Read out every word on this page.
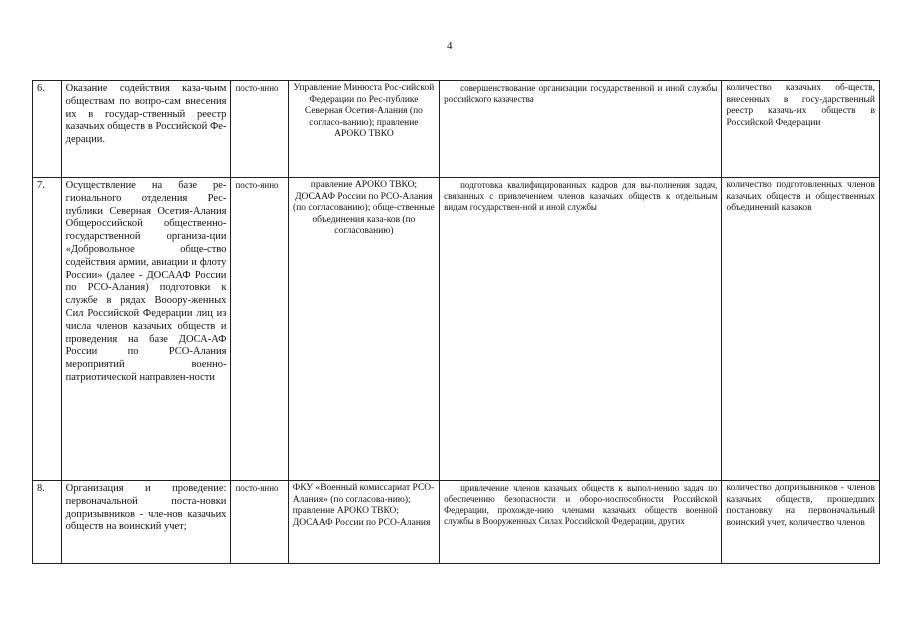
4
6.	Оказание содействия каза-чьим обществам по вопро-сам внесения их в государ-ственный реестр казачьих обществ в Российской Фе-дерации.	посто-янно	Управление Минюста Рос-сийской Федерации по Рес-публике Северная Осетия-Алания (по согласо-ванию); правление АРОКО ТВКО	совершенствование организации государственной и иной службы российского казачества	количество казачьих об-ществ, внесенных в госу-дарственный реестр казачь-их обществ в Российской Федерации
7.	Осуществление на базе ре-гионального отделения Рес-публики Северная Осетия-Алания Общероссийской общественно-государственной организа-ции «Добровольное обще-ство содействия армии, авиации и флоту России» (далее - ДОСААФ России по РСО-Алания) подготовки к службе в рядах Вооору-женных Сил Российской Федерации лиц из числа членов казачьих обществ и проведения на базе ДОСА-АФ России по РСО-Алания мероприятий военно-патриотической направлен-ности	посто-янно	правление АРОКО ТВКО; ДОСААФ России по РСО-Алания (по согласованию); обще-ственные объединения каза-ков (по согласованию)	подготовка квалифицированных кадров для вы-полнения задач, связанных с привлечением членов казачьих обществ к отдельным видам государствен-ной и иной службы	количество подготовленных членов казачьих обществ и общественных объединений казаков
8.	Организация и проведение: первоначальной поста-новки допризывников - чле-нов казачьих обществ на воинский учет;	посто-янно	ФКУ «Военный комиссариат РСО-Алания» (по согласова-нию); правление АРОКО ТВКО; ДОСААФ России по РСО-Алания	привлечение членов казачьих обществ к выпол-нению задач по обеспечению безопасности и оборо-носпособности Российской Федерации, прохожде-нию членами казачьих обществ военной службы в Вооруженных Силах Российской Федерации, других	количество допризывников - членов казачьих обществ, прошедших постановку на первоначальный воинский учет, количество членов
